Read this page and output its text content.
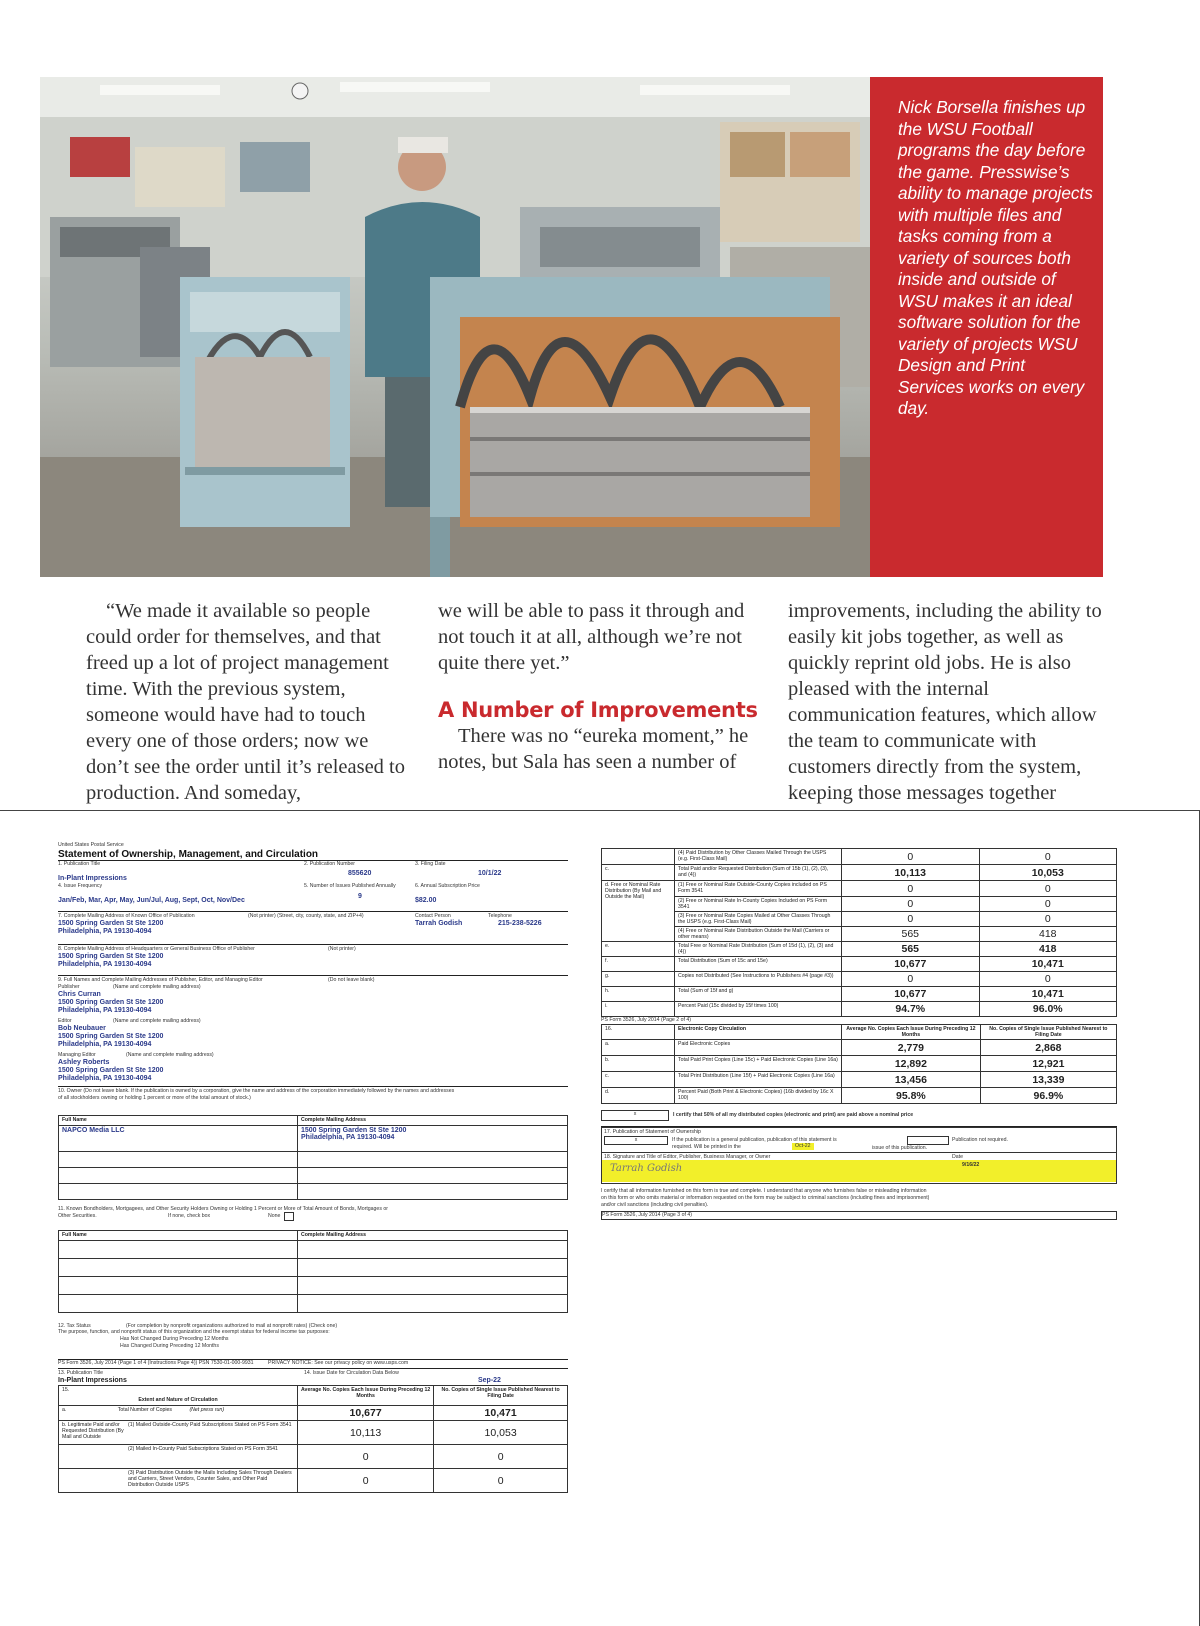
Nick Borsella finishes up the WSU Football programs the day before the game. Presswise’s ability to manage projects with multiple files and tasks coming from a variety of sources both inside and outside of WSU makes it an ideal software solution for the variety of projects WSU Design and Print Services works on every day.

“We made it available so people could order for themselves, and that freed up a lot of project management time. With the previous system, someone would have had to touch every one of those orders; now we don’t see the order until it’s released to production. And someday,

we will be able to pass it through and not touch it at all, although we’re not quite there yet.”

A Number of Improvements

There was no “eureka moment,” he notes, but Sala has seen a number of

improvements, including the ability to easily kit jobs together, as well as quickly reprint old jobs. He is also pleased with the internal communication features, which allow the team to communicate with customers directly from the system, keeping those messages together

United States Postal Service
Statement of Ownership, Management, and Circulation
1. Publication Title	2. Publication Number	3. Filing Date
In-Plant Impressions
855620	10/1/22
4. Issue Frequency	5. Number of Issues Published Annually	6. Annual Subscription Price
Jan/Feb, Mar, Apr, May, Jun/Jul, Aug, Sept, Oct, Nov/Dec
9
$82.00
7. Complete Mailing Address of Known Office of Publication	(Not printer) (Street, city, county, state, and ZIP+4)	Contact Person	Telephone
1500 Spring Garden St Ste 1200
Philadelphia, PA 19130-4094
Tarrah Godish	215-238-5226
8. Complete Mailing Address of Headquarters or General Business Office of Publisher	(Not printer)
1500 Spring Garden St Ste 1200
Philadelphia, PA 19130-4094
9. Full Names and Complete Mailing Addresses of Publisher, Editor, and Managing Editor	(Do not leave blank)
Publisher	(Name and complete mailing address)
Chris Curran
1500 Spring Garden St Ste 1200
Philadelphia, PA 19130-4094
Editor	(Name and complete mailing address)
Bob Neubauer
1500 Spring Garden St Ste 1200
Philadelphia, PA 19130-4094
Managing Editor	(Name and complete mailing address)
Ashley Roberts
1500 Spring Garden St Ste 1200
Philadelphia, PA 19130-4094
10. Owner (Do not leave blank. If the publication is owned by a corporation, give the name and address of the corporation immediately followed by the names and addresses of all stockholders owning or holding 1 percent or more of the total amount of stock.)
Full Name	Complete Mailing Address
NAPCO Media LLC	1500 Spring Garden St Ste 1200
Philadelphia, PA 19130-4094

11. Known Bondholders, Mortgagees, and Other Security Holders Owning or Holding 1 Percent or More of Total Amount of Bonds, Mortgages or Other Securities.	If none, check box	None
Full Name	Complete Mailing Address

12. Tax Status	(For completion by nonprofit organizations authorized to mail at nonprofit rates) (Check one)
The purpose, function, and nonprofit status of this organization and the exempt status for federal income tax purposes:
Has Not Changed During Preceding 12 Months
Has Changed During Preceding 12 Months
PS Form 3526, July 2014 (Page 1 of 4 (Instructions Page 4)) PSN 7530-01-000-9931	PRIVACY NOTICE: See our privacy policy on www.usps.com
13. Publication Title	14. Issue Date for Circulation Data Below
In-Plant Impressions	Sep-22
15.
Extent and Nature of Circulation	Average No. Copies Each Issue During Preceding 12 Months	No. Copies of Single Issue Published Nearest to Filing Date
a. Total Number of Copies (Net press run)	10,677	10,471

b. Legitimate Paid and/or Requested Distribution (By Mail and Outside
(1) Mailed Outside-County Paid Subscriptions Stated on PS Form 3541	10,113	10,053

(2) Mailed In-County Paid Subscriptions Stated on PS Form 3541	0	0

(3) Paid Distribution Outside the Mails Including Sales Through Dealers and Carriers, Street Vendors, Counter Sales, and Other Paid Distribution Outside USPS	0	0
	(4) Paid Distribution by Other Classes Mailed Through the USPS (e.g. First-Class Mail)	0	0
c.	Total Paid and/or Requested Distribution (Sum of 15b (1), (2), (3), and (4))	10,113	10,053
d. Free or Nominal Rate Distribution (By Mail and Outside the Mail)	(1) Free or Nominal Rate Outside-County Copies included on PS Form 3541	0	0
	(2) Free or Nominal Rate In-County Copies Included on PS Form 3541	0	0
	(3) Free or Nominal Rate Copies Mailed at Other Classes Through the USPS (e.g. First-Class Mail)	0	0
	(4) Free or Nominal Rate Distribution Outside the Mail (Carriers or other means)	565	418
e.	Total Free or Nominal Rate Distribution (Sum of 15d (1), (2), (3) and (4))	565	418
f.	Total Distribution (Sum of 15c and 15e)	10,677	10,471
g.	Copies not Distributed (See Instructions to Publishers #4 (page #3))	0	0
h.	Total (Sum of 15f and g)	10,677	10,471
i.	Percent Paid (15c divided by 15f times 100)	94.7%	96.0%
PS Form 3526, July 2014 (Page 2 of 4)
16.	Electronic Copy Circulation	Average No. Copies Each Issue During Preceding 12 Months	No. Copies of Single Issue Published Nearest to Filing Date
a.	Paid Electronic Copies	2,779	2,868
b.	Total Paid Print Copies (Line 15c) + Paid Electronic Copies (Line 16a)	12,892	12,921
c.	Total Print Distribution (Line 15f) + Paid Electronic Copies (Line 16a)	13,456	13,339
d.	Percent Paid (Both Print & Electronic Copies) (16b divided by 16c X 100)	95.8%	96.9%
x	I certify that 50% of all my distributed copies (electronic and print) are paid above a nominal price
17. Publication of Statement of Ownership
x	If the publication is a general publication, publication of this statement is required. Will be printed in the	Oct-22	issue of this publication.
Publication not required.
18. Signature and Title of Editor, Publisher, Business Manager, or Owner	Date
Tarrah Godish	9/16/22
I certify that all information furnished on this form is true and complete. I understand that anyone who furnishes false or misleading information on this form or who omits material or information requested on the form may be subject to criminal sanctions (including fines and imprisonment) and/or civil sanctions (including civil penalties).
PS Form 3526, July 2014 (Page 3 of 4)
